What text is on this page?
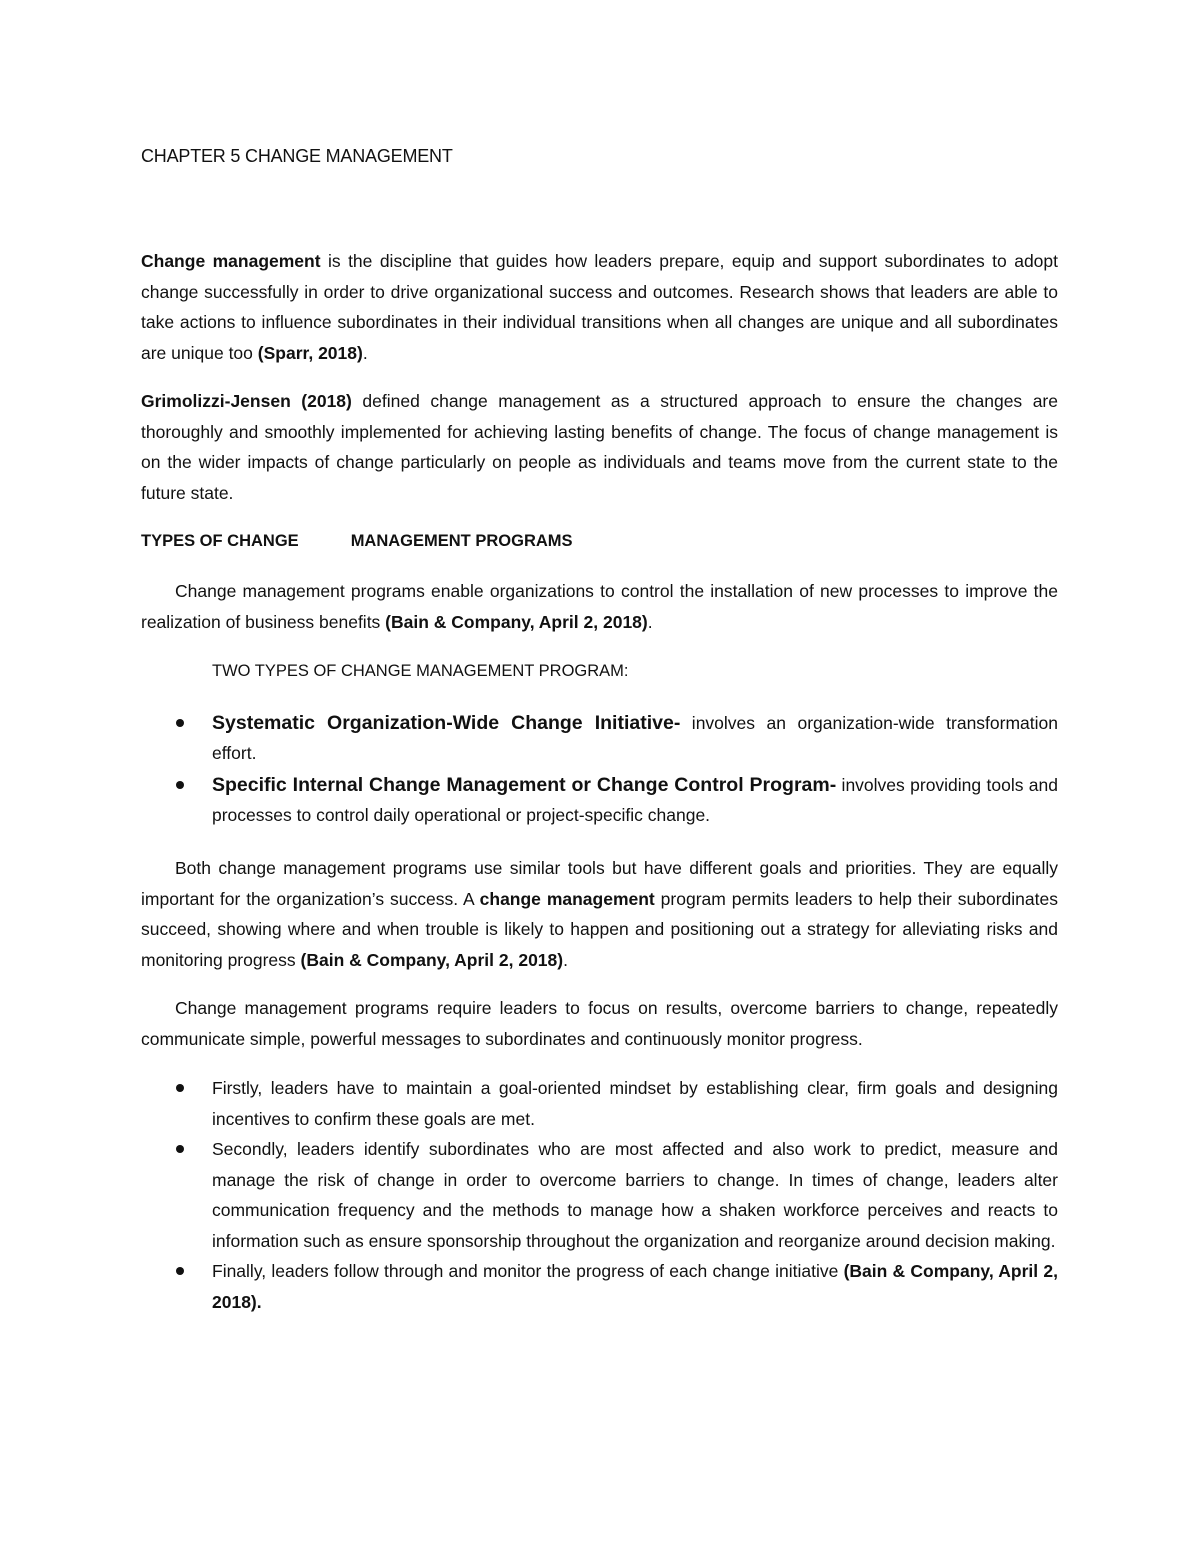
CHAPTER 5 CHANGE MANAGEMENT

Change management is the discipline that guides how leaders prepare, equip and support subordinates to adopt change successfully in order to drive organizational success and outcomes. Research shows that leaders are able to take actions to influence subordinates in their individual transitions when all changes are unique and all subordinates are unique too (Sparr, 2018).

Grimolizzi-Jensen (2018) defined change management as a structured approach to ensure the changes are thoroughly and smoothly implemented for achieving lasting benefits of change. The focus of change management is on the wider impacts of change particularly on people as individuals and teams move from the current state to the future state.

TYPES OF CHANGE	MANAGEMENT PROGRAMS

Change management programs enable organizations to control the installation of new processes to improve the realization of business benefits (Bain & Company, April 2, 2018).

TWO TYPES OF CHANGE MANAGEMENT PROGRAM:
Systematic Organization-Wide Change Initiative- involves an organization-wide transformation effort.
Specific Internal Change Management or Change Control Program- involves providing tools and processes to control daily operational or project-specific change.

Both change management programs use similar tools but have different goals and priorities. They are equally important for the organization’s success. A change management program permits leaders to help their subordinates succeed, showing where and when trouble is likely to happen and positioning out a strategy for alleviating risks and monitoring progress (Bain & Company, April 2, 2018).

Change management programs require leaders to focus on results, overcome barriers to change, repeatedly communicate simple, powerful messages to subordinates and continuously monitor progress.

Firstly, leaders have to maintain a goal-oriented mindset by establishing clear, firm goals and designing incentives to confirm these goals are met.
Secondly, leaders identify subordinates who are most affected and also work to predict, measure and manage the risk of change in order to overcome barriers to change. In times of change, leaders alter communication frequency and the methods to manage how a shaken workforce perceives and reacts to information such as ensure sponsorship throughout the organization and reorganize around decision making.
Finally, leaders follow through and monitor the progress of each change initiative (Bain & Company, April 2, 2018).
